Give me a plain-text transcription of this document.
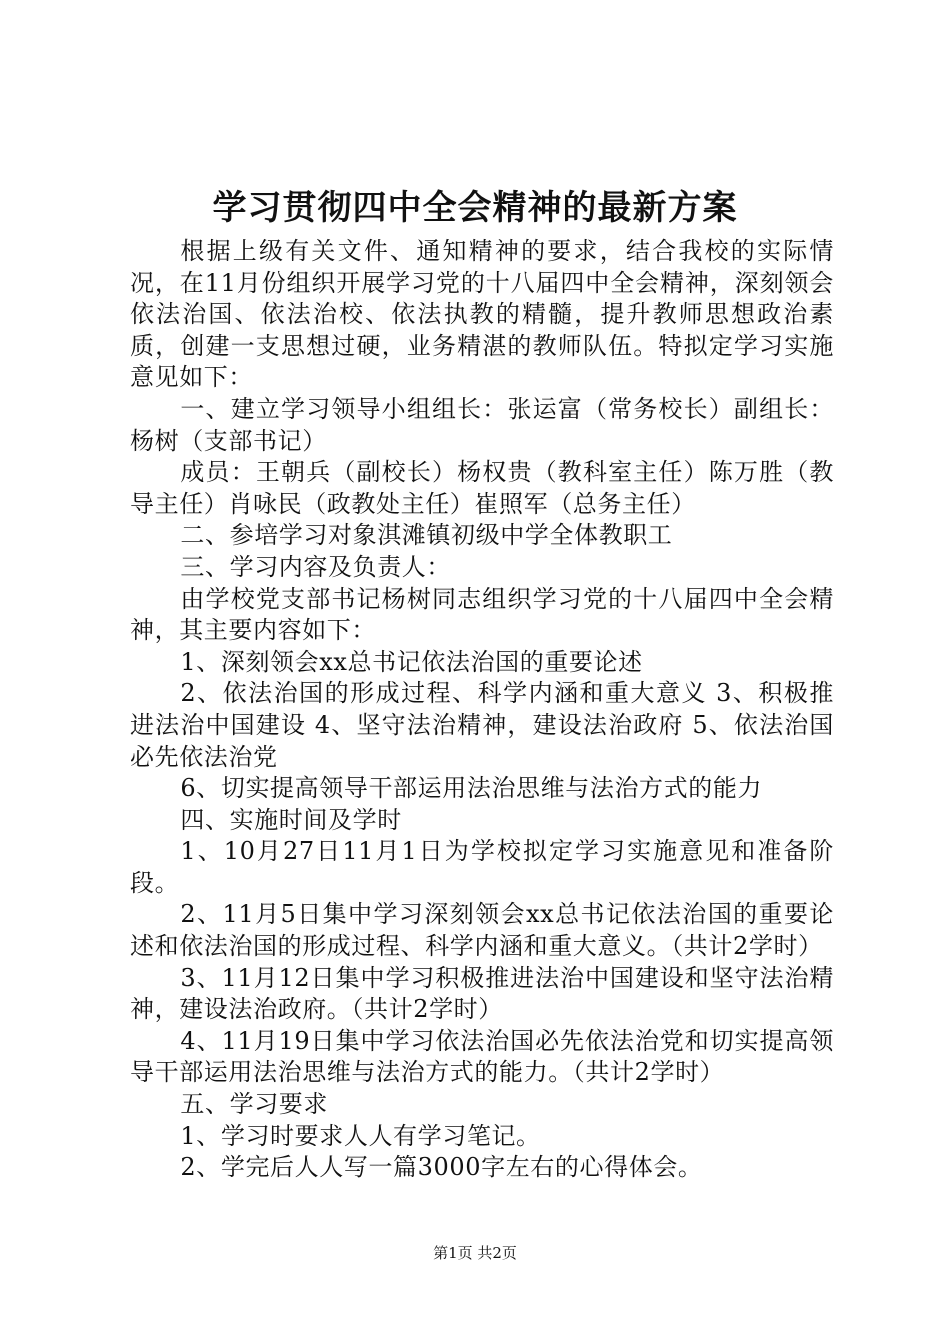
学习贯彻四中全会精神的最新方案

根据上级有关文件、通知精神的要求，结合我校的实际情况，在11月份组织开展学习党的十八届四中全会精神，深刻领会依法治国、依法治校、依法执教的精髓，提升教师思想政治素质，创建一支思想过硬，业务精湛的教师队伍。特拟定学习实施意见如下：

一、建立学习领导小组组长：张运富（常务校长）副组长：杨树（支部书记）

成员：王朝兵（副校长）杨权贵（教科室主任）陈万胜（教导主任）肖咏民（政教处主任）崔照军（总务主任）

二、参培学习对象淇滩镇初级中学全体教职工

三、学习内容及负责人：

由学校党支部书记杨树同志组织学习党的十八届四中全会精神，其主要内容如下：

1、深刻领会xx总书记依法治国的重要论述

2、依法治国的形成过程、科学内涵和重大意义 3、积极推进法治中国建设 4、坚守法治精神，建设法治政府 5、依法治国必先依法治党

6、切实提高领导干部运用法治思维与法治方式的能力

四、实施时间及学时

1、10月27日11月1日为学校拟定学习实施意见和准备阶段。

2、11月5日集中学习深刻领会xx总书记依法治国的重要论述和依法治国的形成过程、科学内涵和重大意义。（共计2学时）

3、11月12日集中学习积极推进法治中国建设和坚守法治精神，建设法治政府。（共计2学时）

4、11月19日集中学习依法治国必先依法治党和切实提高领导干部运用法治思维与法治方式的能力。（共计2学时）

五、学习要求

1、学习时要求人人有学习笔记。

2、学完后人人写一篇3000字左右的心得体会。

第1页 共2页
